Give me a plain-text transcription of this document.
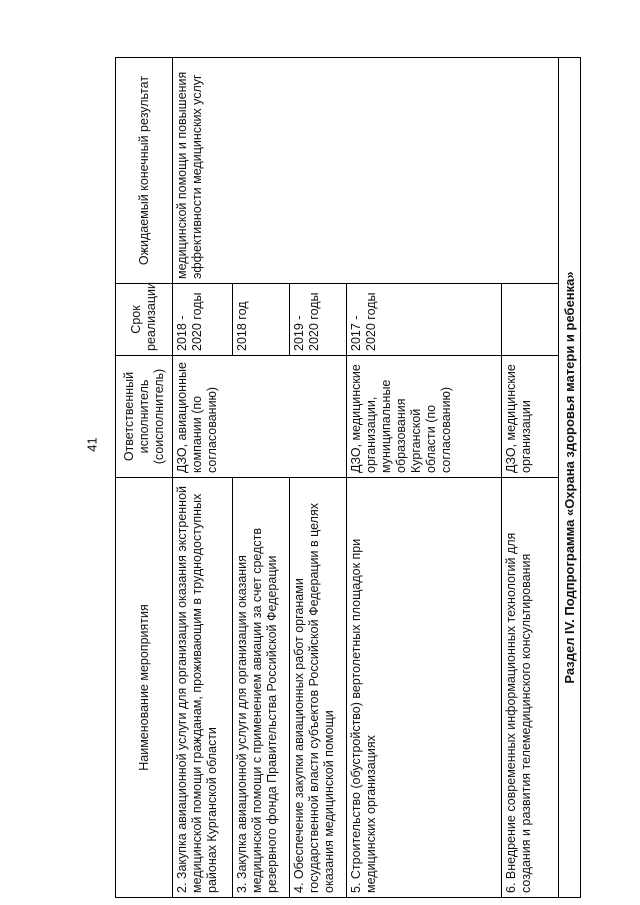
41
Наименование мероприятия	Ответственный исполнитель (соисполнитель)	Срок реализации	Ожидаемый конечный результат
2. Закупка авиационной услуги для организации оказания экстренной медицинской помощи гражданам, проживающим в труднодоступных районах Курганской области	ДЗО, авиационные компании (по согласованию)	2018 - 2020 годы	медицинской помощи и повышения эффективности медицинских услуг
3. Закупка авиационной услуги для организации оказания медицинской помощи с применением авиации за счет средств резервного фонда Правительства Российской Федерации		2018 год	
4. Обеспечение закупки авиационных работ органами государственной власти субъектов Российской Федерации в целях оказания медицинской помощи		2019 - 2020 годы	
5. Строительство (обустройство) вертолетных площадок при медицинских организациях	ДЗО, медицинские организации, муниципальные образования Курганской области (по согласованию)	2017 - 2020 годы	
6. Внедрение современных информационных технологий для создания и развития телемедицинского консультирования	ДЗО, медицинские организации		
Раздел IV. Подпрограмма «Охрана здоровья матери и ребенка»			
